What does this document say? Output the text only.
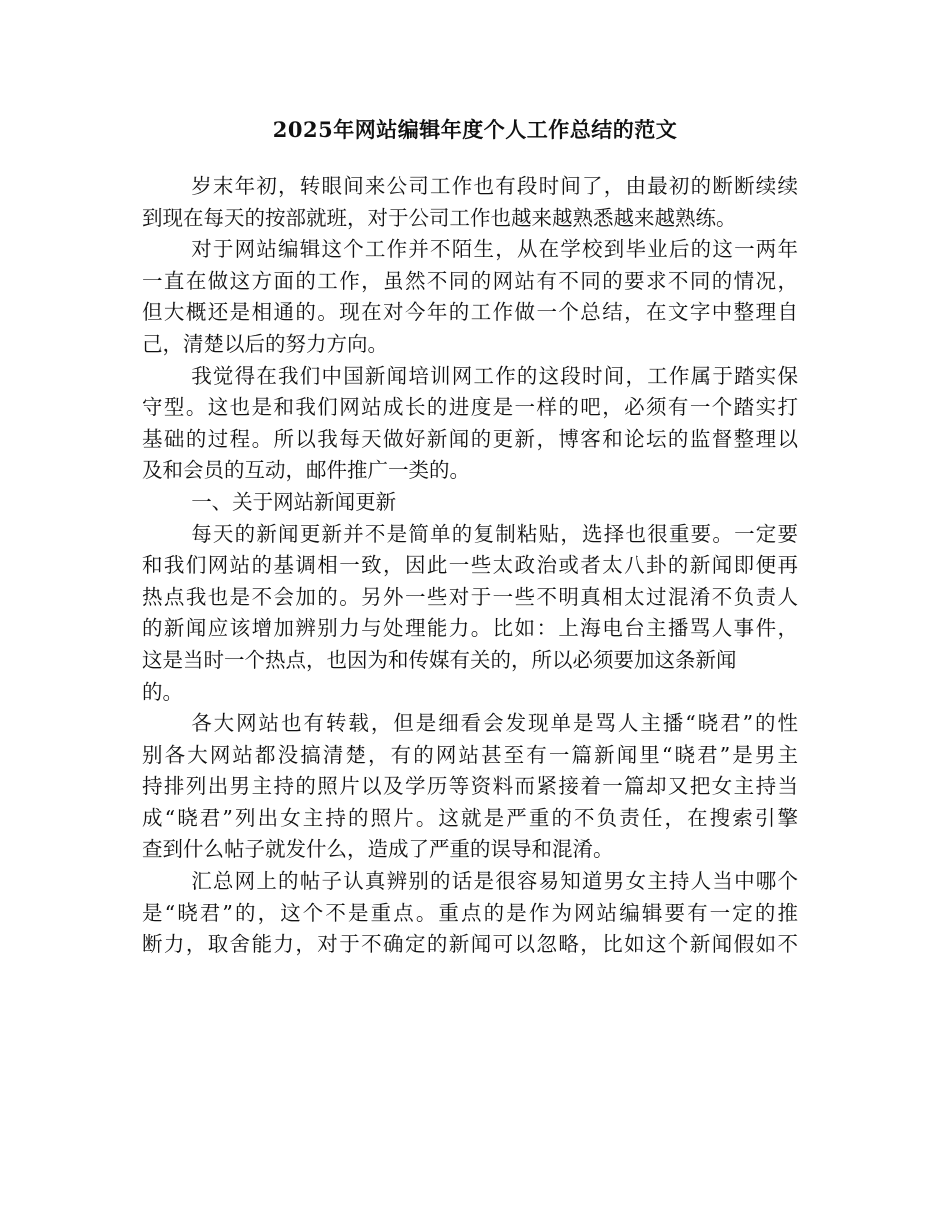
2025年网站编辑年度个人工作总结的范文

岁末年初，转眼间来公司工作也有段时间了，由最初的断断续续
到现在每天的按部就班，对于公司工作也越来越熟悉越来越熟练。

对于网站编辑这个工作并不陌生，从在学校到毕业后的这一两年
一直在做这方面的工作，虽然不同的网站有不同的要求不同的情况，
但大概还是相通的。现在对今年的工作做一个总结，在文字中整理自
己，清楚以后的努力方向。

我觉得在我们中国新闻培训网工作的这段时间，工作属于踏实保
守型。这也是和我们网站成长的进度是一样的吧，必须有一个踏实打
基础的过程。所以我每天做好新闻的更新，博客和论坛的监督整理以
及和会员的互动，邮件推广一类的。

一、关于网站新闻更新

每天的新闻更新并不是简单的复制粘贴，选择也很重要。一定要
和我们网站的基调相一致，因此一些太政治或者太八卦的新闻即便再
热点我也是不会加的。另外一些对于一些不明真相太过混淆不负责人
的新闻应该增加辨别力与处理能力。比如：上海电台主播骂人事件，
这是当时一个热点，也因为和传媒有关的，所以必须要加这条新闻
的。

各大网站也有转载，但是细看会发现单是骂人主播“晓君”的性
别各大网站都没搞清楚，有的网站甚至有一篇新闻里“晓君”是男主
持排列出男主持的照片以及学历等资料而紧接着一篇却又把女主持当
成“晓君”列出女主持的照片。这就是严重的不负责任，在搜索引擎
查到什么帖子就发什么，造成了严重的误导和混淆。

汇总网上的帖子认真辨别的话是很容易知道男女主持人当中哪个
是“晓君”的，这个不是重点。重点的是作为网站编辑要有一定的推
断力，取舍能力，对于不确定的新闻可以忽略，比如这个新闻假如不
